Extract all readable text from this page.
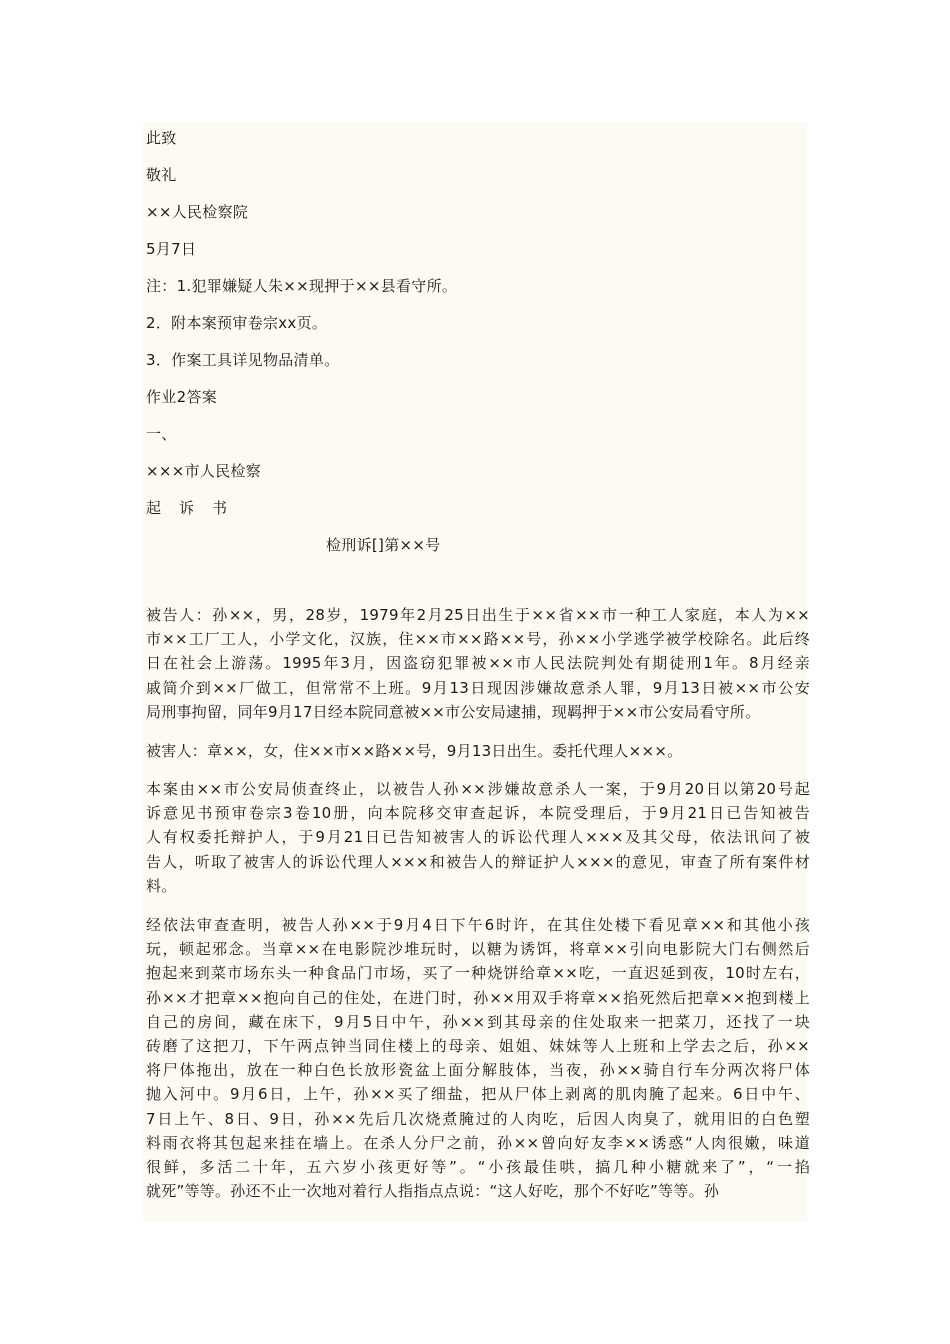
此致
敬礼
××人民检察院
5月7日
注：1.犯罪嫌疑人朱××现押于××县看守所。
2．附本案预审卷宗xx页。
3．作案工具详见物品清单。
作业2答案
一、
×××市人民检察
起诉书
检刑诉[]第××号
被告人：孙××，男，28岁，1979年2月25日出生于××省××市一种工人家庭，本人为××
市××工厂工人，小学文化，汉族，住××市××路××号，孙××小学逃学被学校除名。此后终
日在社会上游荡。1995年3月，因盗窃犯罪被××市人民法院判处有期徒刑1年。8月经亲
戚简介到××厂做工，但常常不上班。9月13日现因涉嫌故意杀人罪，9月13日被××市公安
局刑事拘留，同年9月17日经本院同意被××市公安局逮捕，现羁押于××市公安局看守所。
被害人：章××，女，住××市××路××号，9月13日出生。委托代理人×××。
本案由××市公安局侦查终止，以被告人孙××涉嫌故意杀人一案，于9月20日以第20号起
诉意见书预审卷宗3卷10册，向本院移交审查起诉，本院受理后，于9月21日已告知被告
人有权委托辩护人，于9月21日已告知被害人的诉讼代理人×××及其父母，依法讯问了被
告人，听取了被害人的诉讼代理人×××和被告人的辩证护人×××的意见，审查了所有案件材
料。
经依法审查查明，被告人孙××于9月4日下午6时许，在其住处楼下看见章××和其他小孩
玩，顿起邪念。当章××在电影院沙堆玩时，以糖为诱饵，将章××引向电影院大门右侧然后
抱起来到菜市场东头一种食品门市场，买了一种烧饼给章××吃，一直迟延到夜，10时左右，
孙××才把章××抱向自己的住处，在进门时，孙××用双手将章××掐死然后把章××抱到楼上
自己的房间，藏在床下，9月5日中午，孙××到其母亲的住处取来一把菜刀，还找了一块
砖磨了这把刀，下午两点钟当同住楼上的母亲、姐姐、妹妹等人上班和上学去之后，孙××
将尸体拖出，放在一种白色长放形瓷盆上面分解肢体，当夜，孙××骑自行车分两次将尸体
抛入河中。9月6日，上午，孙××买了细盐，把从尸体上剥离的肌肉腌了起来。6日中午、
7日上午、8日、9日，孙××先后几次烧煮腌过的人肉吃，后因人肉臭了，就用旧的白色塑
料雨衣将其包起来挂在墙上。在杀人分尸之前，孙××曾向好友李××诱惑“人肉很嫩，味道
很鲜，多活二十年，五六岁小孩更好等”。“小孩最佳哄，搞几种小糖就来了”，“一掐
就死”等等。孙还不止一次地对着行人指指点点说：“这人好吃，那个不好吃”等等。孙
